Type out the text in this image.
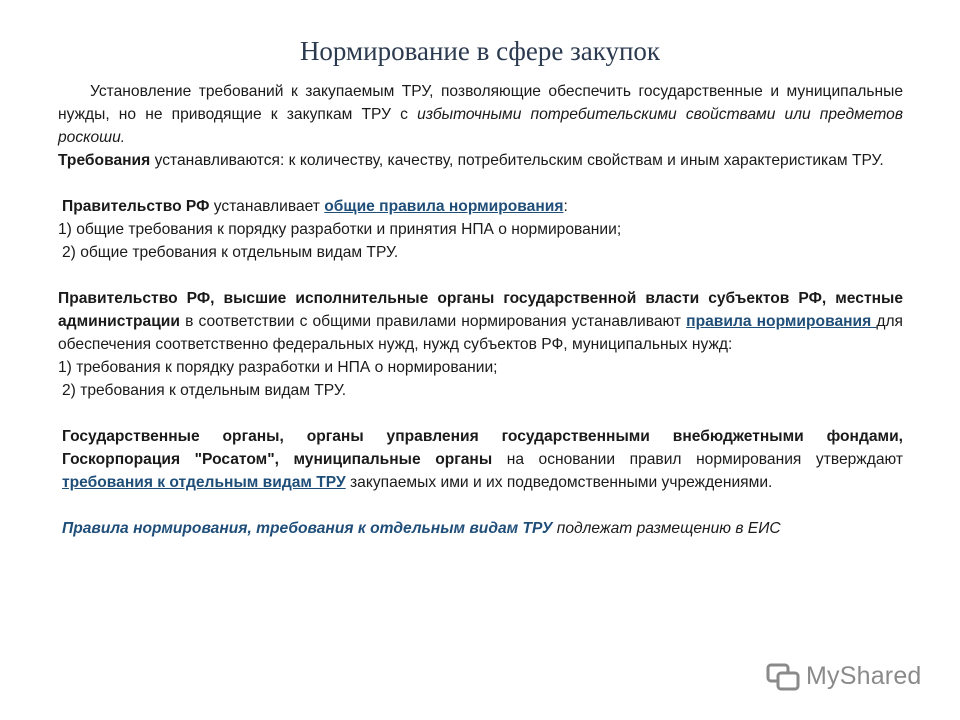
Нормирование в сфере закупок

Установление требований к закупаемым ТРУ, позволяющие обеспечить государственные и муниципальные нужды, но не приводящие к закупкам ТРУ с избыточными потребительскими свойствами или предметов роскоши.

Требования устанавливаются: к количеству, качеству, потребительским свойствам и иным характеристикам ТРУ.

Правительство РФ устанавливает общие правила нормирования:

1) общие требования к порядку разработки и принятия НПА о нормировании;

2) общие требования к отдельным видам ТРУ.

Правительство РФ, высшие исполнительные органы государственной власти субъектов РФ, местные администрации в соответствии с общими правилами нормирования устанавливают правила нормирования для обеспечения соответственно федеральных нужд, нужд субъектов РФ, муниципальных нужд:

1) требования к порядку разработки и НПА о нормировании;

2) требования к отдельным видам ТРУ.

Государственные органы, органы управления государственными внебюджетными фондами, Госкорпорация "Росатом", муниципальные органы на основании правил нормирования утверждают требования к отдельным видам ТРУ закупаемых ими и их подведомственными учреждениями.

Правила нормирования, требования к отдельным видам ТРУ подлежат размещению в ЕИС

MyShared
